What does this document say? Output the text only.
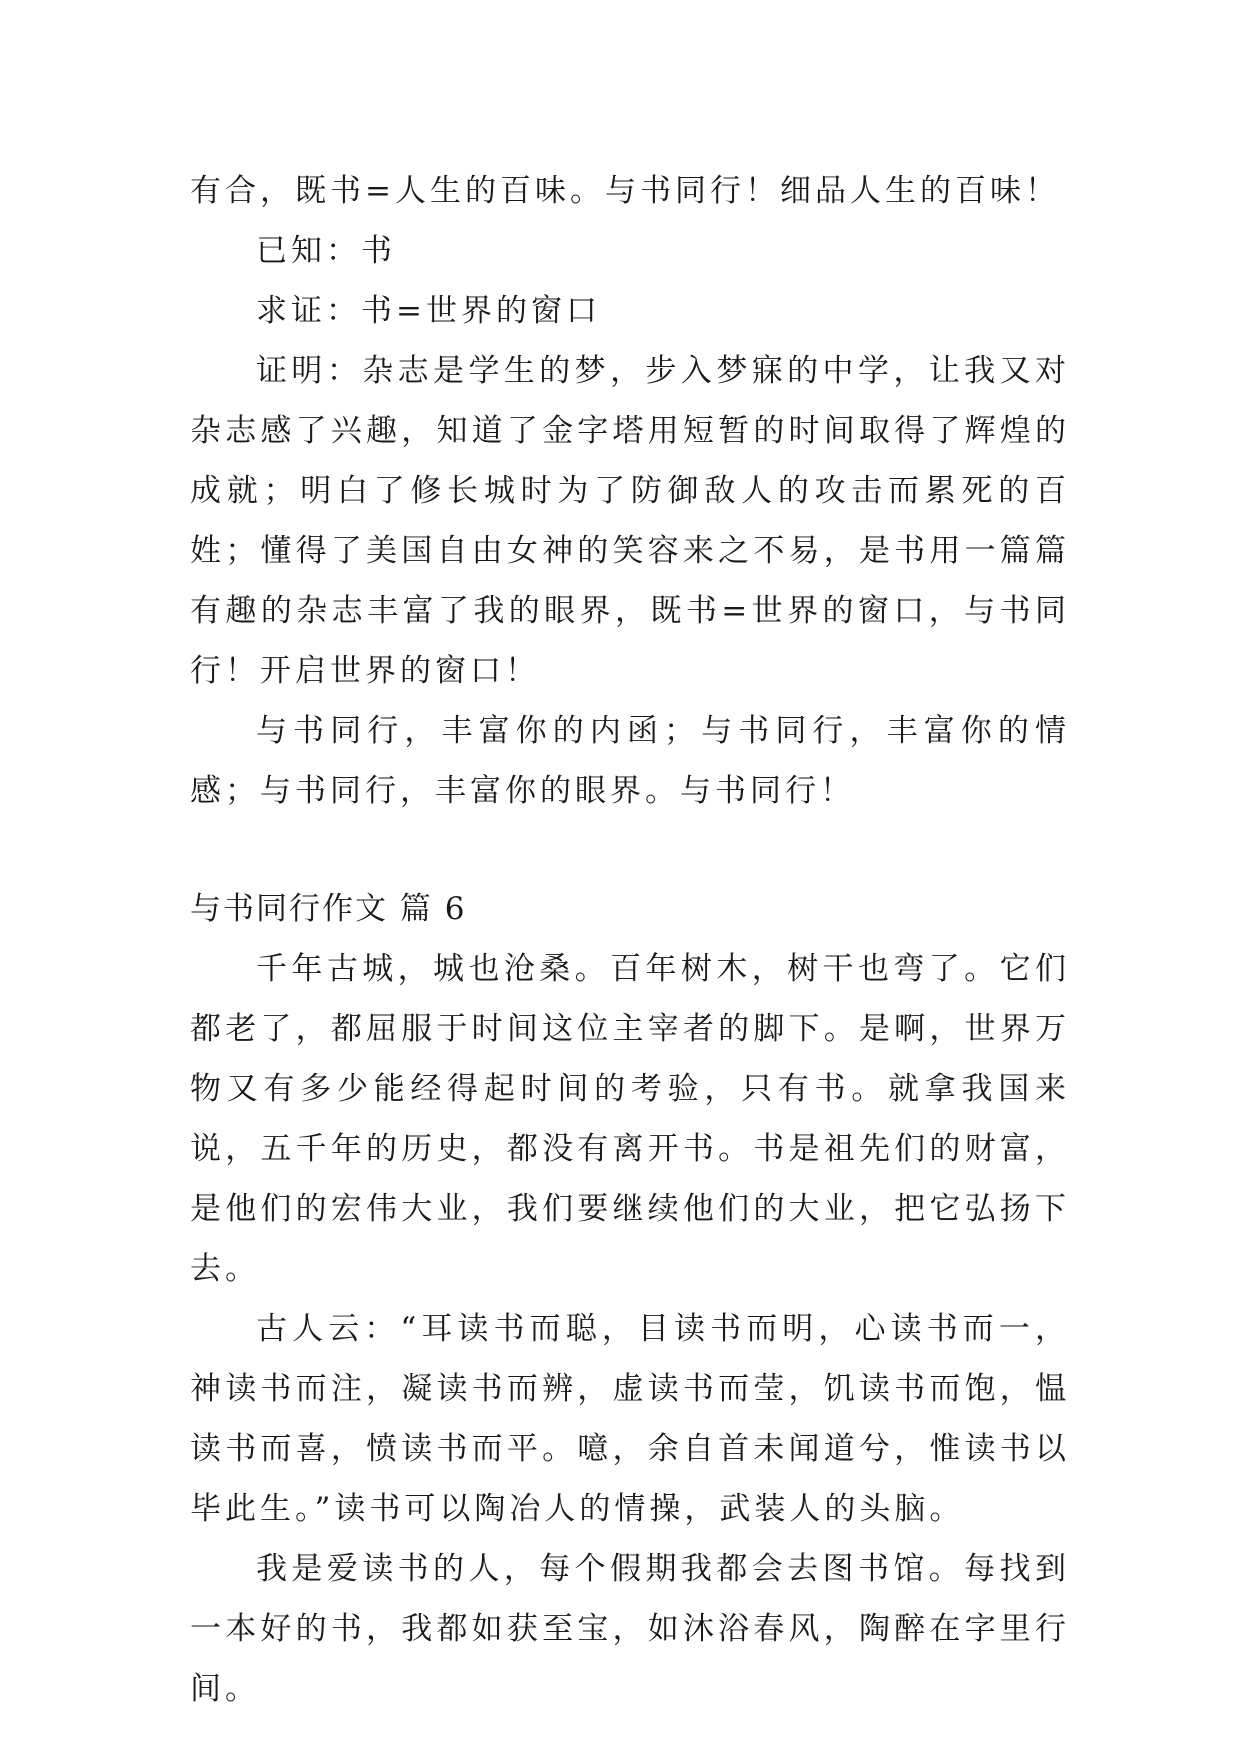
有合，既书=人生的百味。与书同行！细品人生的百味！

已知：书

求证：书=世界的窗口

证明：杂志是学生的梦，步入梦寐的中学，让我又对杂志感了兴趣，知道了金字塔用短暂的时间取得了辉煌的成就；明白了修长城时为了防御敌人的攻击而累死的百姓；懂得了美国自由女神的笑容来之不易，是书用一篇篇有趣的杂志丰富了我的眼界，既书=世界的窗口，与书同行！开启世界的窗口！

与书同行，丰富你的内函；与书同行，丰富你的情感；与书同行，丰富你的眼界。与书同行！

与书同行作文 篇 6

千年古城，城也沧桑。百年树木，树干也弯了。它们都老了，都屈服于时间这位主宰者的脚下。是啊，世界万物又有多少能经得起时间的考验，只有书。就拿我国来说，五千年的历史，都没有离开书。书是祖先们的财富，是他们的宏伟大业，我们要继续他们的大业，把它弘扬下去。

古人云：“耳读书而聪，目读书而明，心读书而一，神读书而注，凝读书而辨，虚读书而莹，饥读书而饱，愠读书而喜，愤读书而平。噫，余自首未闻道兮，惟读书以毕此生。”读书可以陶冶人的情操，武装人的头脑。

我是爱读书的人，每个假期我都会去图书馆。每找到一本好的书，我都如获至宝，如沐浴春风，陶醉在字里行间。
